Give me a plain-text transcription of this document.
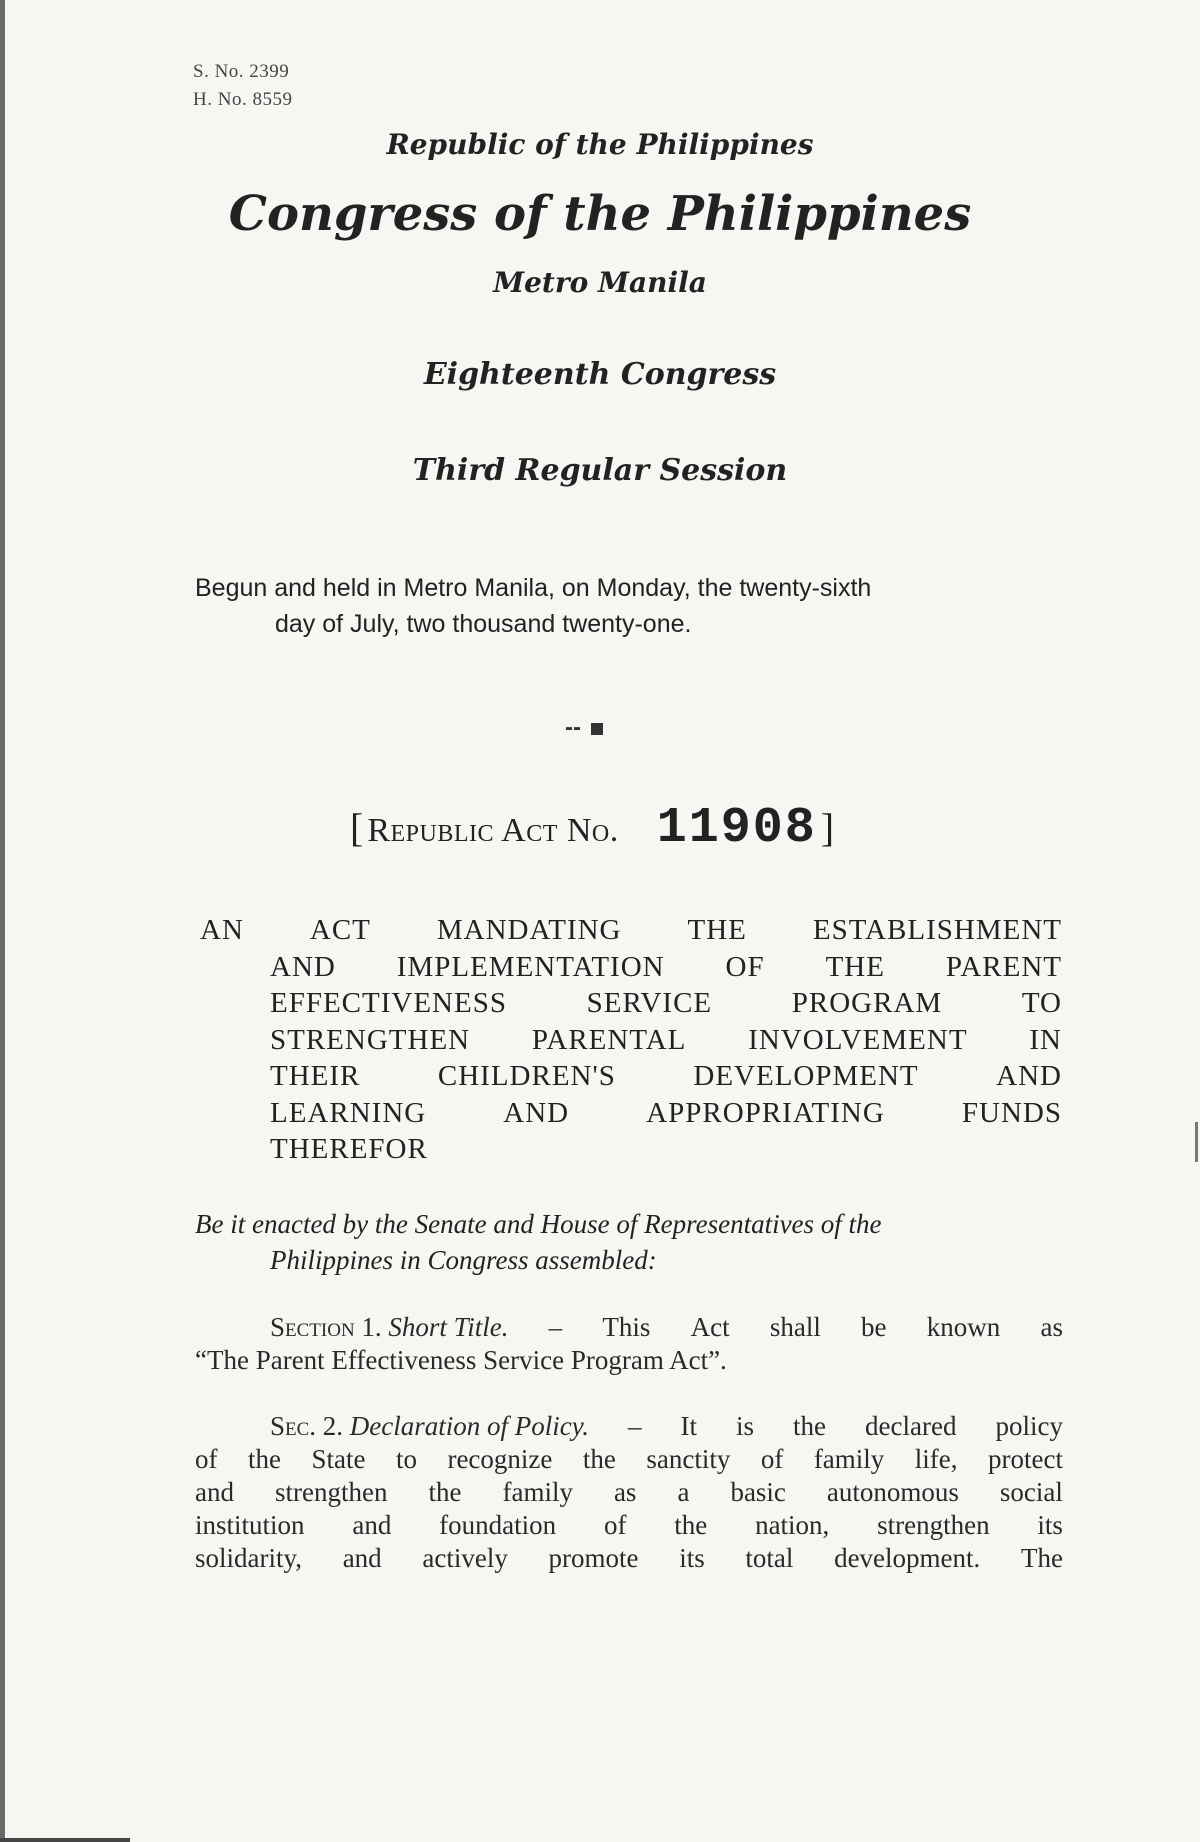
S. No. 2399
H. No. 8559
Republic of the Philippines
Congress of the Philippines
Metro Manila
Eighteenth Congress
Third Regular Session
Begun and held in Metro Manila, on Monday, the twenty-sixth
day of July, two thousand twenty-one.
--
[ Republic Act No. 11908 ]
AN ACT MANDATING THE ESTABLISHMENT
AND IMPLEMENTATION OF THE PARENT
EFFECTIVENESS	SERVICE	PROGRAM	TO
STRENGTHEN PARENTAL INVOLVEMENT IN
THEIR	CHILDREN'S	DEVELOPMENT	AND
LEARNING	AND	APPROPRIATING	FUNDS
THEREFOR
Be it enacted by the Senate and House of Representatives of the
Philippines in Congress assembled:
Section 1. Short Title. – This Act shall be known as
“The Parent Effectiveness Service Program Act”.
Sec. 2. Declaration of Policy. – It is the declared policy
of the State to recognize the sanctity of family life, protect
and strengthen the family as a basic autonomous social
institution and foundation of the nation, strengthen its
solidarity, and actively promote its total development. The
